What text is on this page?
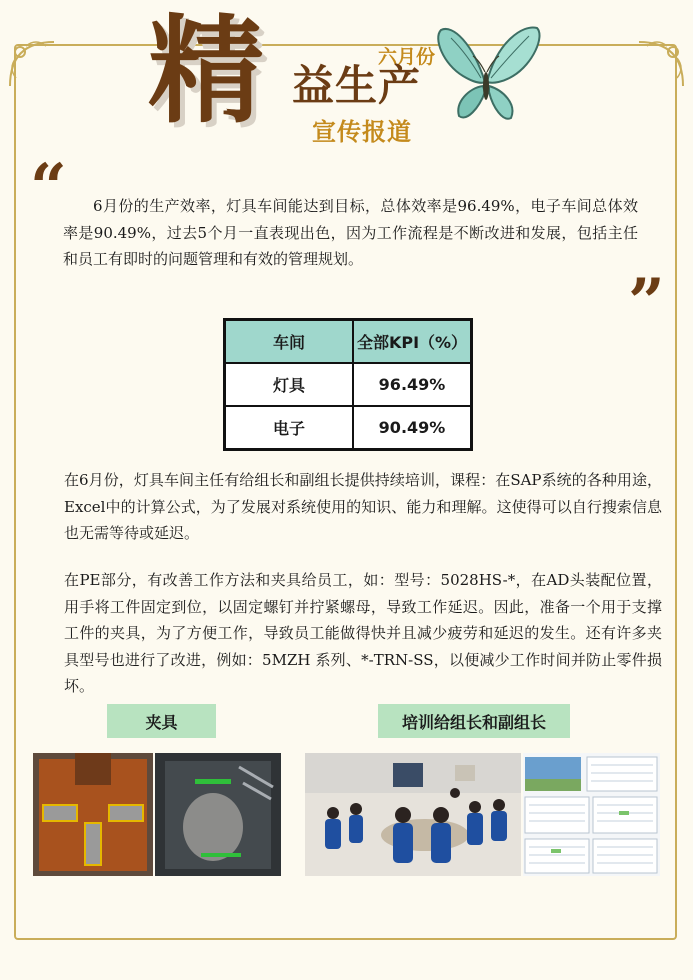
精	六月份
益生产
宣传报道
“
”

6月份的生产效率，灯具车间能达到目标，总体效率是96.49%，电子车间总体效率是90.49%，过去5个月一直表现出色，因为工作流程是不断改进和发展，包括主任和员工有即时的问题管理和有效的管理规划。

车间	全部KPI（%）
灯具	96.49%
电子	90.49%

在6月份，灯具车间主任有给组长和副组长提供持续培训，课程：在SAP系统的各种用途，Excel中的计算公式，为了发展对系统使用的知识、能力和理解。这使得可以自行搜索信息也无需等待或延迟。

在PE部分，有改善工作方法和夹具给员工，如：型号：5028HS-*，在AD头装配位置，用手将工件固定到位，以固定螺钉并拧紧螺母，导致工作延迟。因此，准备一个用于支撑工件的夹具，为了方便工作，导致员工能做得快并且减少疲劳和延迟的发生。还有许多夹具型号也进行了改进，例如：5MZH 系列、*-TRN-SS，以便减少工作时间并防止零件损坏。

夹具	培训给组长和副组长
